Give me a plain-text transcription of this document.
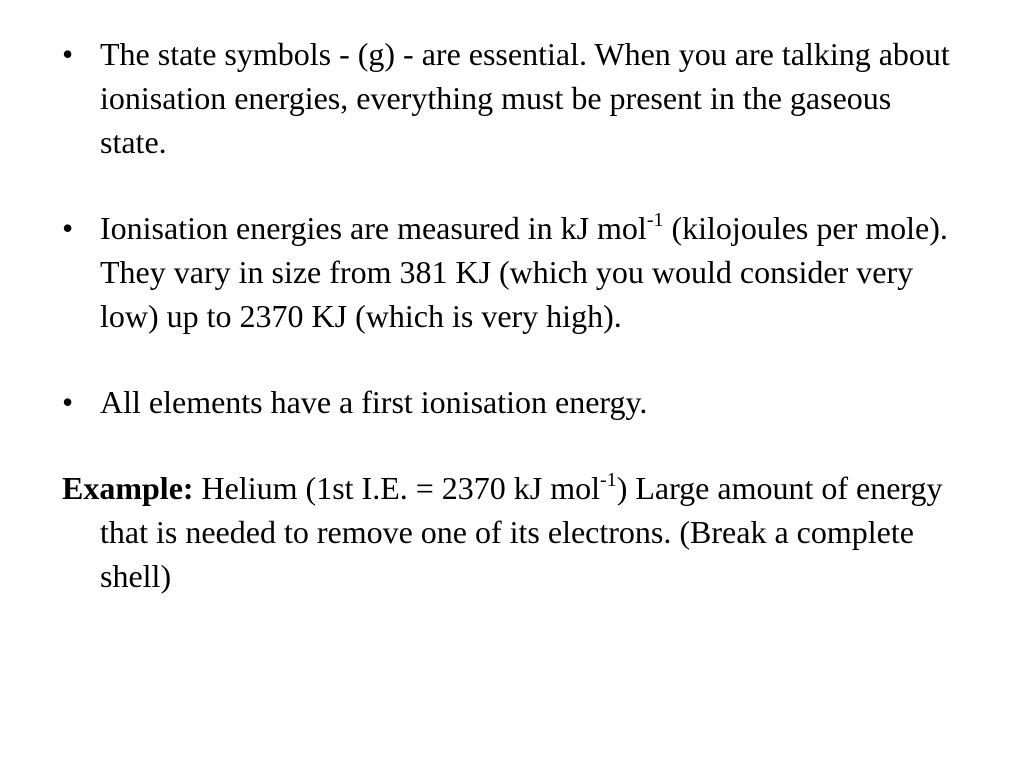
• The state symbols - (g) - are essential. When you are talking about ionisation energies, everything must be present in the gaseous state.
• Ionisation energies are measured in kJ mol$^{-1}$ (kilojoules per mole). They vary in size from 381 KJ (which you would consider very low) up to 2370 KJ (which is very high).
• All elements have a first ionisation energy.
Example: Helium (1st I.E. = 2370 kJ mol$^{-1}$) Large amount of energy that is needed to remove one of its electrons. (Break a complete shell)
